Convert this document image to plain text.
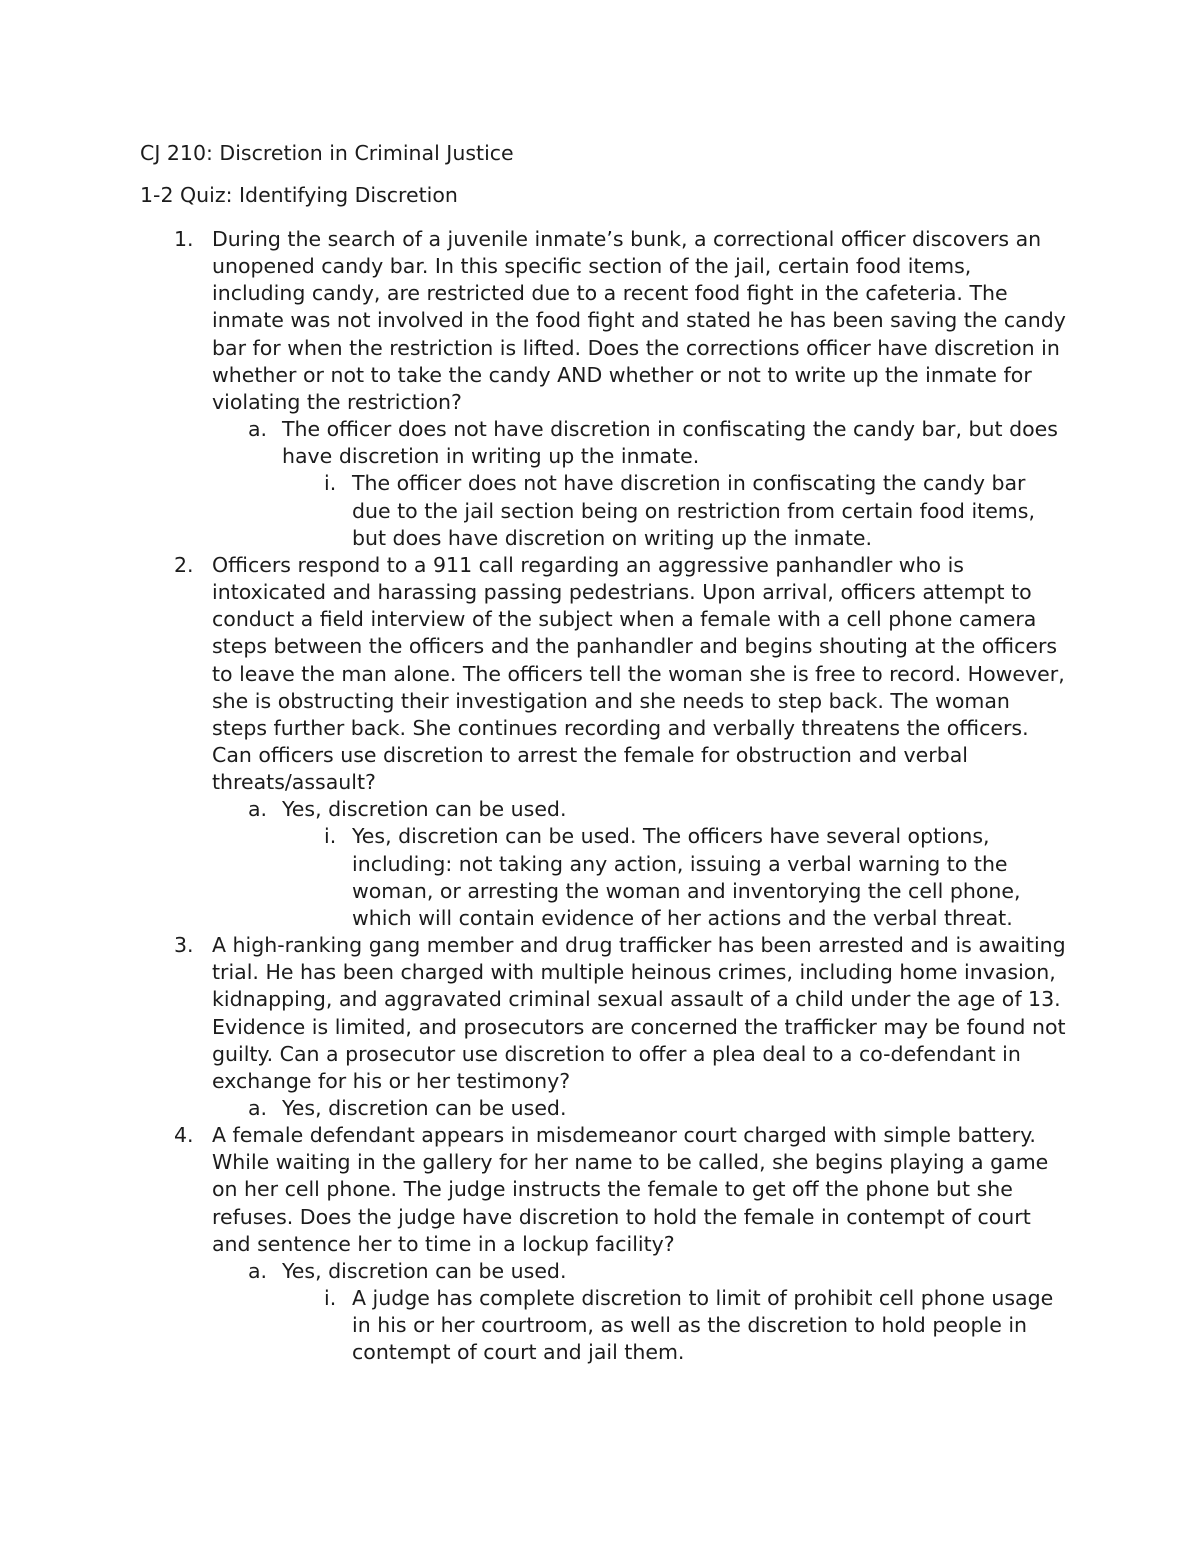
CJ 210: Discretion in Criminal Justice
1-2 Quiz: Identifying Discretion
1. During the search of a juvenile inmate’s bunk, a correctional officer discovers an unopened candy bar. In this specific section of the jail, certain food items, including candy, are restricted due to a recent food fight in the cafeteria. The inmate was not involved in the food fight and stated he has been saving the candy bar for when the restriction is lifted. Does the corrections officer have discretion in whether or not to take the candy AND whether or not to write up the inmate for violating the restriction?
a. The officer does not have discretion in confiscating the candy bar, but does have discretion in writing up the inmate.
i. The officer does not have discretion in confiscating the candy bar due to the jail section being on restriction from certain food items, but does have discretion on writing up the inmate.
2. Officers respond to a 911 call regarding an aggressive panhandler who is intoxicated and harassing passing pedestrians. Upon arrival, officers attempt to conduct a field interview of the subject when a female with a cell phone camera steps between the officers and the panhandler and begins shouting at the officers to leave the man alone. The officers tell the woman she is free to record. However, she is obstructing their investigation and she needs to step back. The woman steps further back. She continues recording and verbally threatens the officers. Can officers use discretion to arrest the female for obstruction and verbal threats/assault?
a. Yes, discretion can be used.
i. Yes, discretion can be used. The officers have several options, including: not taking any action, issuing a verbal warning to the woman, or arresting the woman and inventorying the cell phone, which will contain evidence of her actions and the verbal threat.
3. A high-ranking gang member and drug trafficker has been arrested and is awaiting trial. He has been charged with multiple heinous crimes, including home invasion, kidnapping, and aggravated criminal sexual assault of a child under the age of 13. Evidence is limited, and prosecutors are concerned the trafficker may be found not guilty. Can a prosecutor use discretion to offer a plea deal to a co-defendant in exchange for his or her testimony?
a. Yes, discretion can be used.
4. A female defendant appears in misdemeanor court charged with simple battery. While waiting in the gallery for her name to be called, she begins playing a game on her cell phone. The judge instructs the female to get off the phone but she refuses. Does the judge have discretion to hold the female in contempt of court and sentence her to time in a lockup facility?
a. Yes, discretion can be used.
i. A judge has complete discretion to limit of prohibit cell phone usage in his or her courtroom, as well as the discretion to hold people in contempt of court and jail them.
